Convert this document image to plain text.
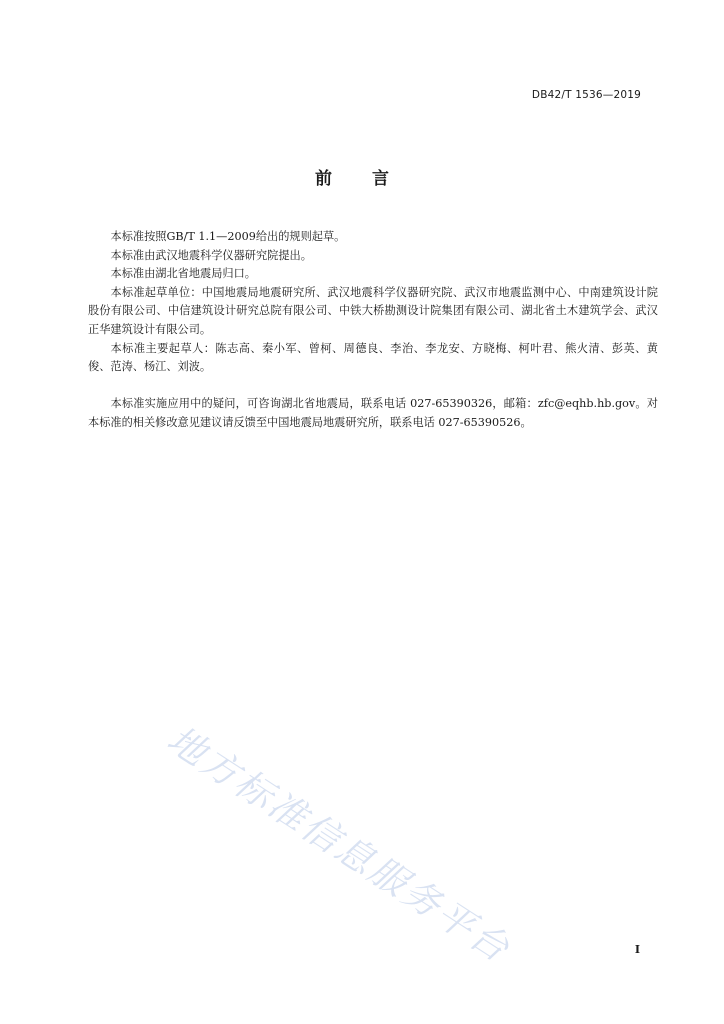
DB42/T 1536—2019
前言

本标准按照GB/T 1.1—2009给出的规则起草。

本标准由武汉地震科学仪器研究院提出。

本标准由湖北省地震局归口。

本标准起草单位：中国地震局地震研究所、武汉地震科学仪器研究院、武汉市地震监测中心、中南建筑设计院股份有限公司、中信建筑设计研究总院有限公司、中铁大桥勘测设计院集团有限公司、湖北省土木建筑学会、武汉正华建筑设计有限公司。

本标准主要起草人：陈志高、秦小军、曾柯、周德良、李治、李龙安、方晓梅、柯叶君、熊火清、彭英、黄俊、范涛、杨江、刘波。

本标准实施应用中的疑问，可咨询湖北省地震局，联系电话 027-65390326，邮箱：zfc@eqhb.hb.gov。对本标准的相关修改意见建议请反馈至中国地震局地震研究所，联系电话 027-65390526。

地方标准信息服务平台	I
